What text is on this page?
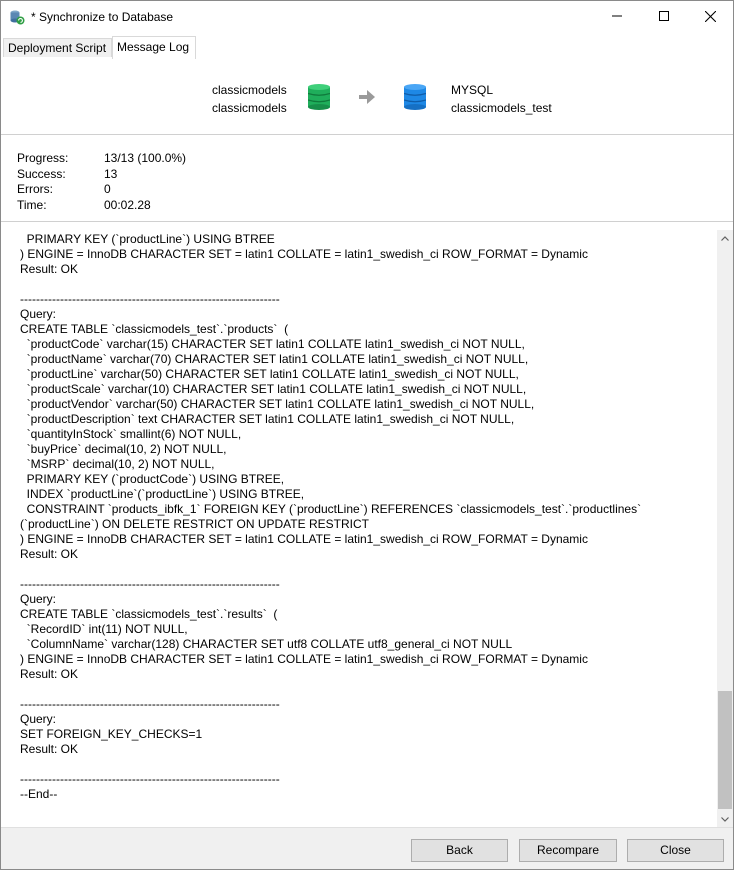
* Synchronize to Database
Deployment Script Message Log
classicmodels
classicmodels
MYSQL
classicmodels_test
Progress:	13/13 (100.0%)
Success:	13
Errors:	0
Time:	00:02.28
PRIMARY KEY (`productLine`) USING BTREE
) ENGINE = InnoDB CHARACTER SET = latin1 COLLATE = latin1_swedish_ci ROW_FORMAT = Dynamic
Result: OK

-----------------------------------------------------------------
Query:
CREATE TABLE `classicmodels_test`.`products`  (
`productCode` varchar(15) CHARACTER SET latin1 COLLATE latin1_swedish_ci NOT NULL,
`productName` varchar(70) CHARACTER SET latin1 COLLATE latin1_swedish_ci NOT NULL,
`productLine` varchar(50) CHARACTER SET latin1 COLLATE latin1_swedish_ci NOT NULL,
`productScale` varchar(10) CHARACTER SET latin1 COLLATE latin1_swedish_ci NOT NULL,
`productVendor` varchar(50) CHARACTER SET latin1 COLLATE latin1_swedish_ci NOT NULL,
`productDescription` text CHARACTER SET latin1 COLLATE latin1_swedish_ci NOT NULL,
`quantityInStock` smallint(6) NOT NULL,
`buyPrice` decimal(10, 2) NOT NULL,
`MSRP` decimal(10, 2) NOT NULL,
PRIMARY KEY (`productCode`) USING BTREE,
INDEX `productLine`(`productLine`) USING BTREE,
CONSTRAINT `products_ibfk_1` FOREIGN KEY (`productLine`) REFERENCES `classicmodels_test`.`productlines` (`productLine`) ON DELETE RESTRICT ON UPDATE RESTRICT
) ENGINE = InnoDB CHARACTER SET = latin1 COLLATE = latin1_swedish_ci ROW_FORMAT = Dynamic
Result: OK

-----------------------------------------------------------------
Query:
CREATE TABLE `classicmodels_test`.`results`  (
`RecordID` int(11) NOT NULL,
`ColumnName` varchar(128) CHARACTER SET utf8 COLLATE utf8_general_ci NOT NULL
) ENGINE = InnoDB CHARACTER SET = latin1 COLLATE = latin1_swedish_ci ROW_FORMAT = Dynamic
Result: OK

-----------------------------------------------------------------
Query:
SET FOREIGN_KEY_CHECKS=1
Result: OK

-----------------------------------------------------------------
--End--
Back	Recompare	Close
